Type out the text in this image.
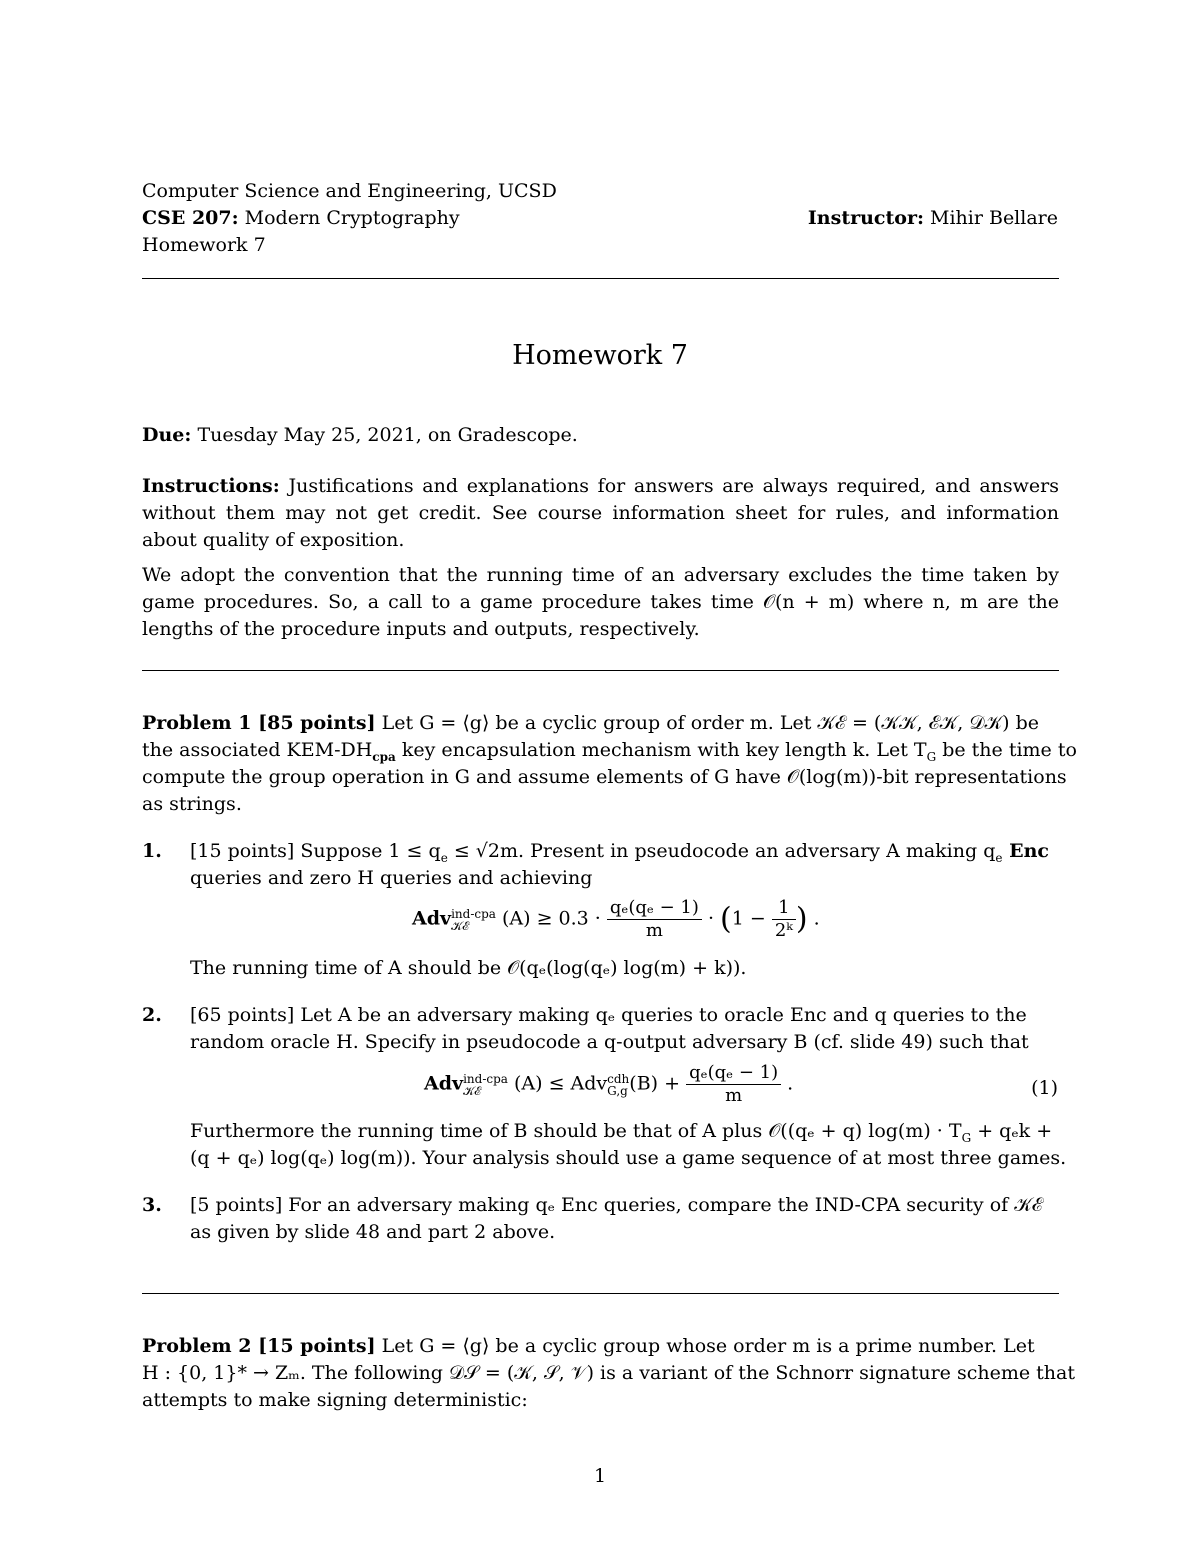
Computer Science and Engineering, UCSD
CSE 207: Modern Cryptography	Instructor: Mihir Bellare
Homework 7
Homework 7
Due: Tuesday May 25, 2021, on Gradescope.
Instructions: Justifications and explanations for answers are always required, and answers without them may not get credit. See course information sheet for rules, and information about quality of exposition.
We adopt the convention that the running time of an adversary excludes the time taken by game procedures. So, a call to a game procedure takes time 𝒪(n + m) where n, m are the lengths of the procedure inputs and outputs, respectively.
Problem 1 [85 points] Let G = ⟨g⟩ be a cyclic group of order m. Let 𝒦ℰ = (𝒦𝒦, ℰ𝒦, 𝒟𝒦) be
the associated KEM-$DH_{cpa}$ key encapsulation mechanism with key length k. Let $T_G$ be the time to
compute the group operation in G and assume elements of G have 𝒪(log(m))-bit representations
as strings.
1. [15 points] Suppose $1 \le q_e \le √2m$. Present in pseudocode an adversary A making $q_e$ Enc
queries and zero H queries and achieving
Adv ind-cpa
𝒦ℰ	$(A) \ge 0.3 \cdot \frac{\text{qₑ(qₑ − 1)}}{m} \cdot (1 - \frac{1}{\text{2ᵏ}}$ ) .
The running time of A should be 𝒪(qₑ(log(qₑ) log(m) + k)).
2. [65 points] Let A be an adversary making qₑ queries to oracle Enc and q queries to the
random oracle H. Specify in pseudocode a q-output adversary B (cf. slide 49) such that
Adv ind-cpa
𝒦ℰ	(A) ≤ Adv cdh
G,g $(B) + \frac{\text{qₑ(qₑ − 1)}}{m}$ .	(1)
Furthermore the running time of B should be that of A plus 𝒪((qₑ + q) $\log(m) \cdot T_G + q_ek$ +
(q + qₑ) log(qₑ) log(m)). Your analysis should use a game sequence of at most three games.
3. [5 points] For an adversary making qₑ Enc queries, compare the IND-CPA security of 𝒦ℰ
as given by slide 48 and part 2 above.
Problem 2 [15 points] Let G = ⟨g⟩ be a cyclic group whose order m is a prime number. Let
H : {0, 1}* → Zₘ. The following 𝒟𝒮 = (𝒦, 𝒮, 𝒱) is a variant of the Schnorr signature scheme that
attempts to make signing deterministic:
1
